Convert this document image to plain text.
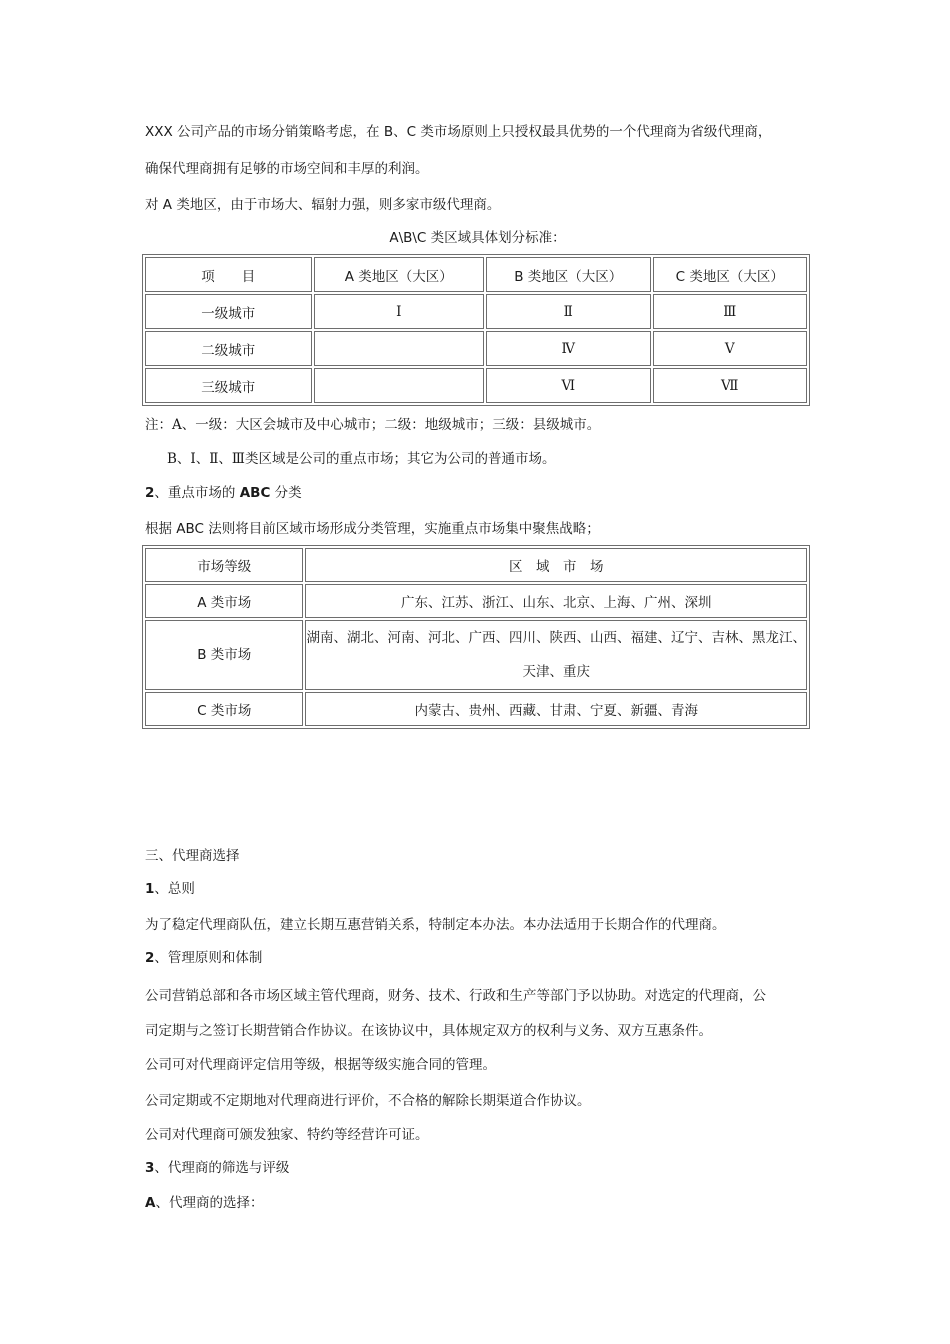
XXX 公司产品的市场分销策略考虑，在 B、C 类市场原则上只授权最具优势的一个代理商为省级代理商，
确保代理商拥有足够的市场空间和丰厚的利润。
对 A 类地区，由于市场大、辐射力强，则多家市级代理商。
A\B\C 类区域具体划分标准：
项　　目	A 类地区（大区）	B 类地区（大区）	C 类地区（大区）
一级城市	Ⅰ	Ⅱ	Ⅲ
二级城市		Ⅳ	Ⅴ
三级城市		Ⅵ	Ⅶ
注：A、一级：大区会城市及中心城市；二级：地级城市；三级：县级城市。
B、Ⅰ、Ⅱ、Ⅲ类区域是公司的重点市场；其它为公司的普通市场。
2、重点市场的 ABC 分类
根据 ABC 法则将目前区域市场形成分类管理，实施重点市场集中聚焦战略；
市场等级	区　域　市　场
A 类市场	广东、江苏、浙江、山东、北京、上海、广州、深圳
B 类市场	湖南、湖北、河南、河北、广西、四川、陕西、山西、福建、辽宁、吉林、黑龙江、天津、重庆
C 类市场	内蒙古、贵州、西藏、甘肃、宁夏、新疆、青海
三、代理商选择
1、总则
为了稳定代理商队伍，建立长期互惠营销关系，特制定本办法。本办法适用于长期合作的代理商。
2、管理原则和体制
公司营销总部和各市场区域主管代理商，财务、技术、行政和生产等部门予以协助。对选定的代理商，公
司定期与之签订长期营销合作协议。在该协议中，具体规定双方的权利与义务、双方互惠条件。
公司可对代理商评定信用等级，根据等级实施合同的管理。
公司定期或不定期地对代理商进行评价，不合格的解除长期渠道合作协议。
公司对代理商可颁发独家、特约等经营许可证。
3、代理商的筛选与评级
A、代理商的选择：
